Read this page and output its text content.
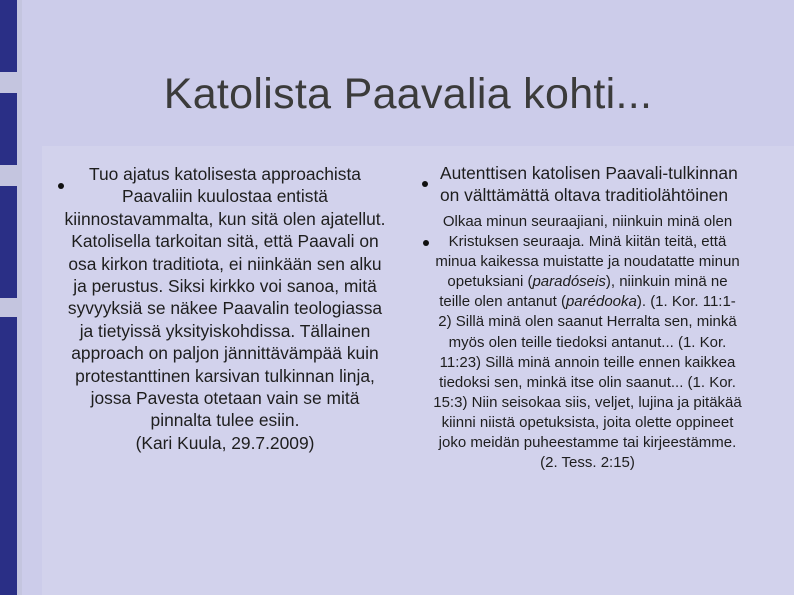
Katolista Paavalia kohti...

Tuo ajatus katolisesta approachista Paavaliin kuulostaa entistä kiinnostavammalta, kun sitä olen ajatellut. Katolisella tarkoitan sitä, että Paavali on osa kirkon traditiota, ei niinkään sen alku ja perustus. Siksi kirkko voi sanoa, mitä syvyyksiä se näkee Paavalin teologiassa ja tietyissä yksityiskohdissa. Tällainen approach on paljon jännittävämpää kuin protestanttinen karsivan tulkinnan linja, jossa Pavesta otetaan vain se mitä pinnalta tulee esiin.

(Kari Kuula, 29.7.2009)

Autenttisen katolisen Paavali-tulkinnan on välttämättä oltava traditiolähtöinen

Olkaa minun seuraajiani, niinkuin minä olen Kristuksen seuraaja. Minä kiitän teitä, että minua kaikessa muistatte ja noudatatte minun opetuksiani (paradóseis), niinkuin minä ne teille olen antanut (parédooka). (1. Kor. 11:1-2) Sillä minä olen saanut Herralta sen, minkä myös olen teille tiedoksi antanut... (1. Kor. 11:23) Sillä minä annoin teille ennen kaikkea tiedoksi sen, minkä itse olin saanut... (1. Kor. 15:3) Niin seisokaa siis, veljet, lujina ja pitäkää kiinni niistä opetuksista, joita olette oppineet joko meidän puheestamme tai kirjeestämme.
(2. Tess. 2:15)
